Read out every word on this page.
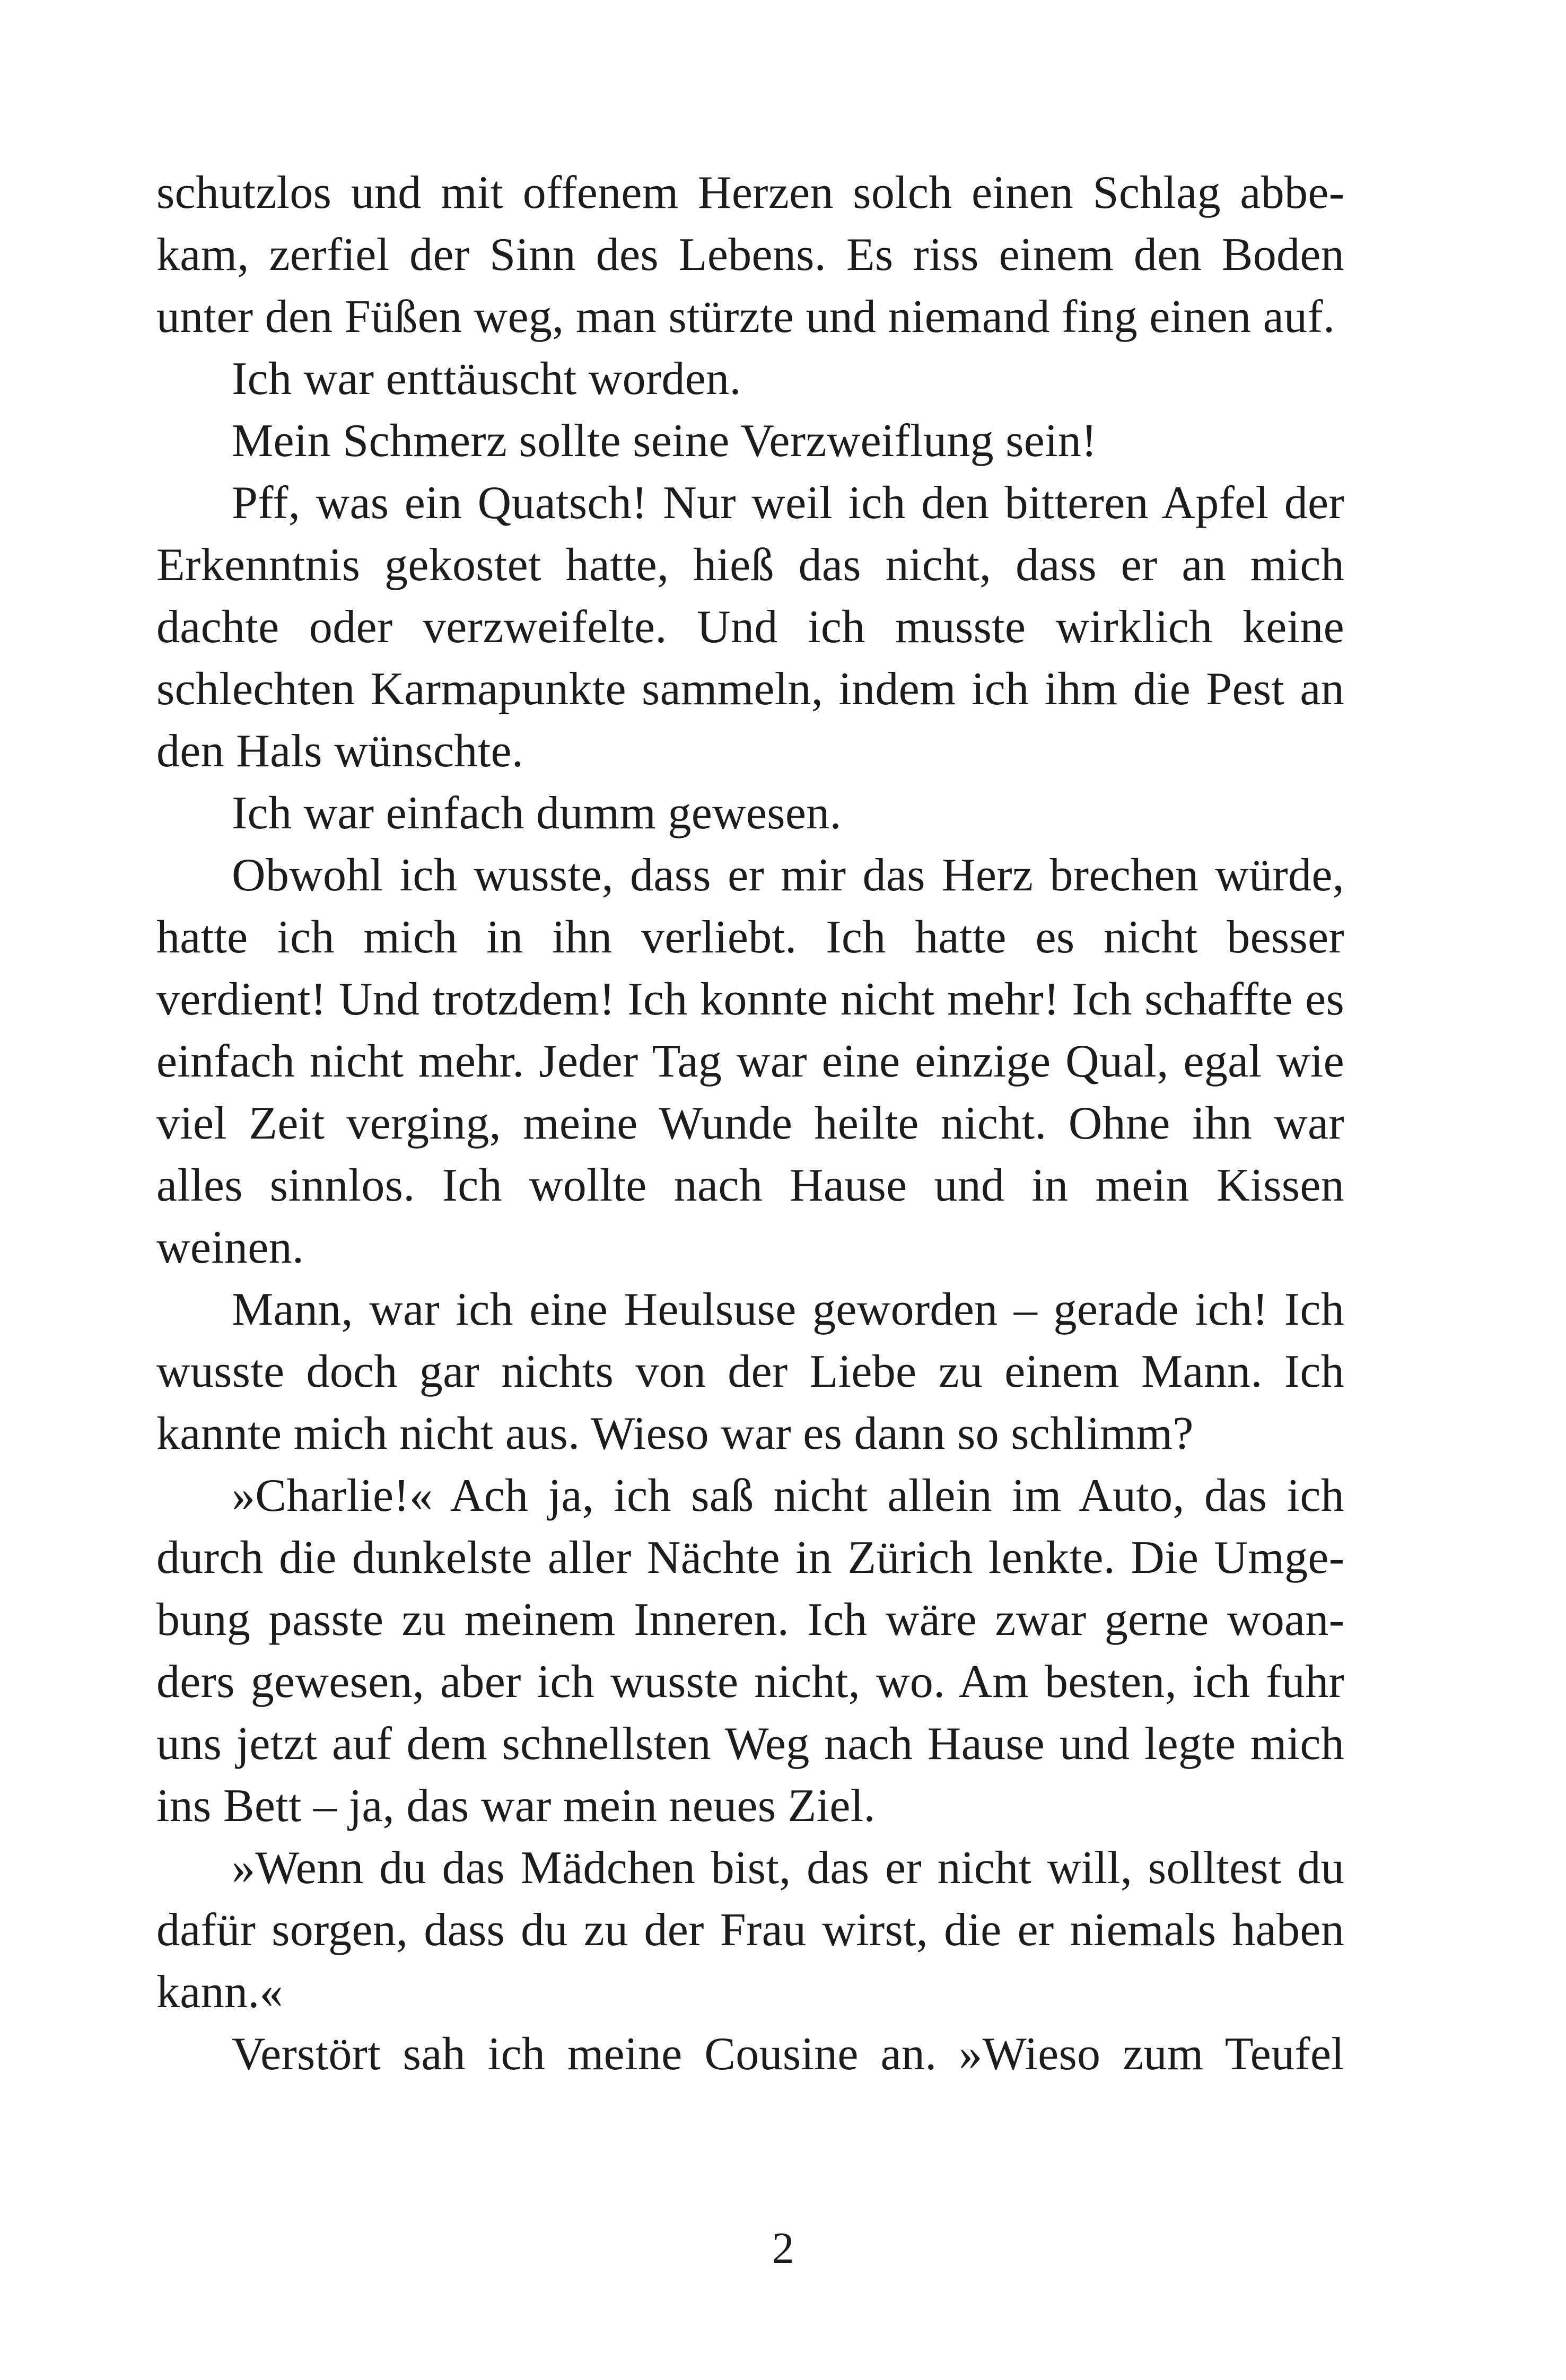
schutzlos und mit offenem Herzen solch einen Schlag abbekam, zerfiel der Sinn des Lebens. Es riss einem den Boden unter den Füßen weg, man stürzte und niemand fing einen auf.

Ich war enttäuscht worden.

Mein Schmerz sollte seine Verzweiflung sein!

Pff, was ein Quatsch! Nur weil ich den bitteren Apfel der Erkenntnis gekostet hatte, hieß das nicht, dass er an mich dachte oder verzweifelte. Und ich musste wirklich keine schlechten Karmapunkte sammeln, indem ich ihm die Pest an den Hals wünschte.

Ich war einfach dumm gewesen.

Obwohl ich wusste, dass er mir das Herz brechen würde, hatte ich mich in ihn verliebt. Ich hatte es nicht besser verdient! Und trotzdem! Ich konnte nicht mehr! Ich schaffte es einfach nicht mehr. Jeder Tag war eine einzige Qual, egal wie viel Zeit verging, meine Wunde heilte nicht. Ohne ihn war alles sinnlos. Ich wollte nach Hause und in mein Kissen weinen.

Mann, war ich eine Heulsuse geworden – gerade ich! Ich wusste doch gar nichts von der Liebe zu einem Mann. Ich kannte mich nicht aus. Wieso war es dann so schlimm?

»Charlie!« Ach ja, ich saß nicht allein im Auto, das ich durch die dunkelste aller Nächte in Zürich lenkte. Die Umgebung passte zu meinem Inneren. Ich wäre zwar gerne woanders gewesen, aber ich wusste nicht, wo. Am besten, ich fuhr uns jetzt auf dem schnellsten Weg nach Hause und legte mich ins Bett – ja, das war mein neues Ziel.

»Wenn du das Mädchen bist, das er nicht will, solltest du dafür sorgen, dass du zu der Frau wirst, die er niemals haben kann.«

Verstört sah ich meine Cousine an. »Wieso zum Teufel

2
